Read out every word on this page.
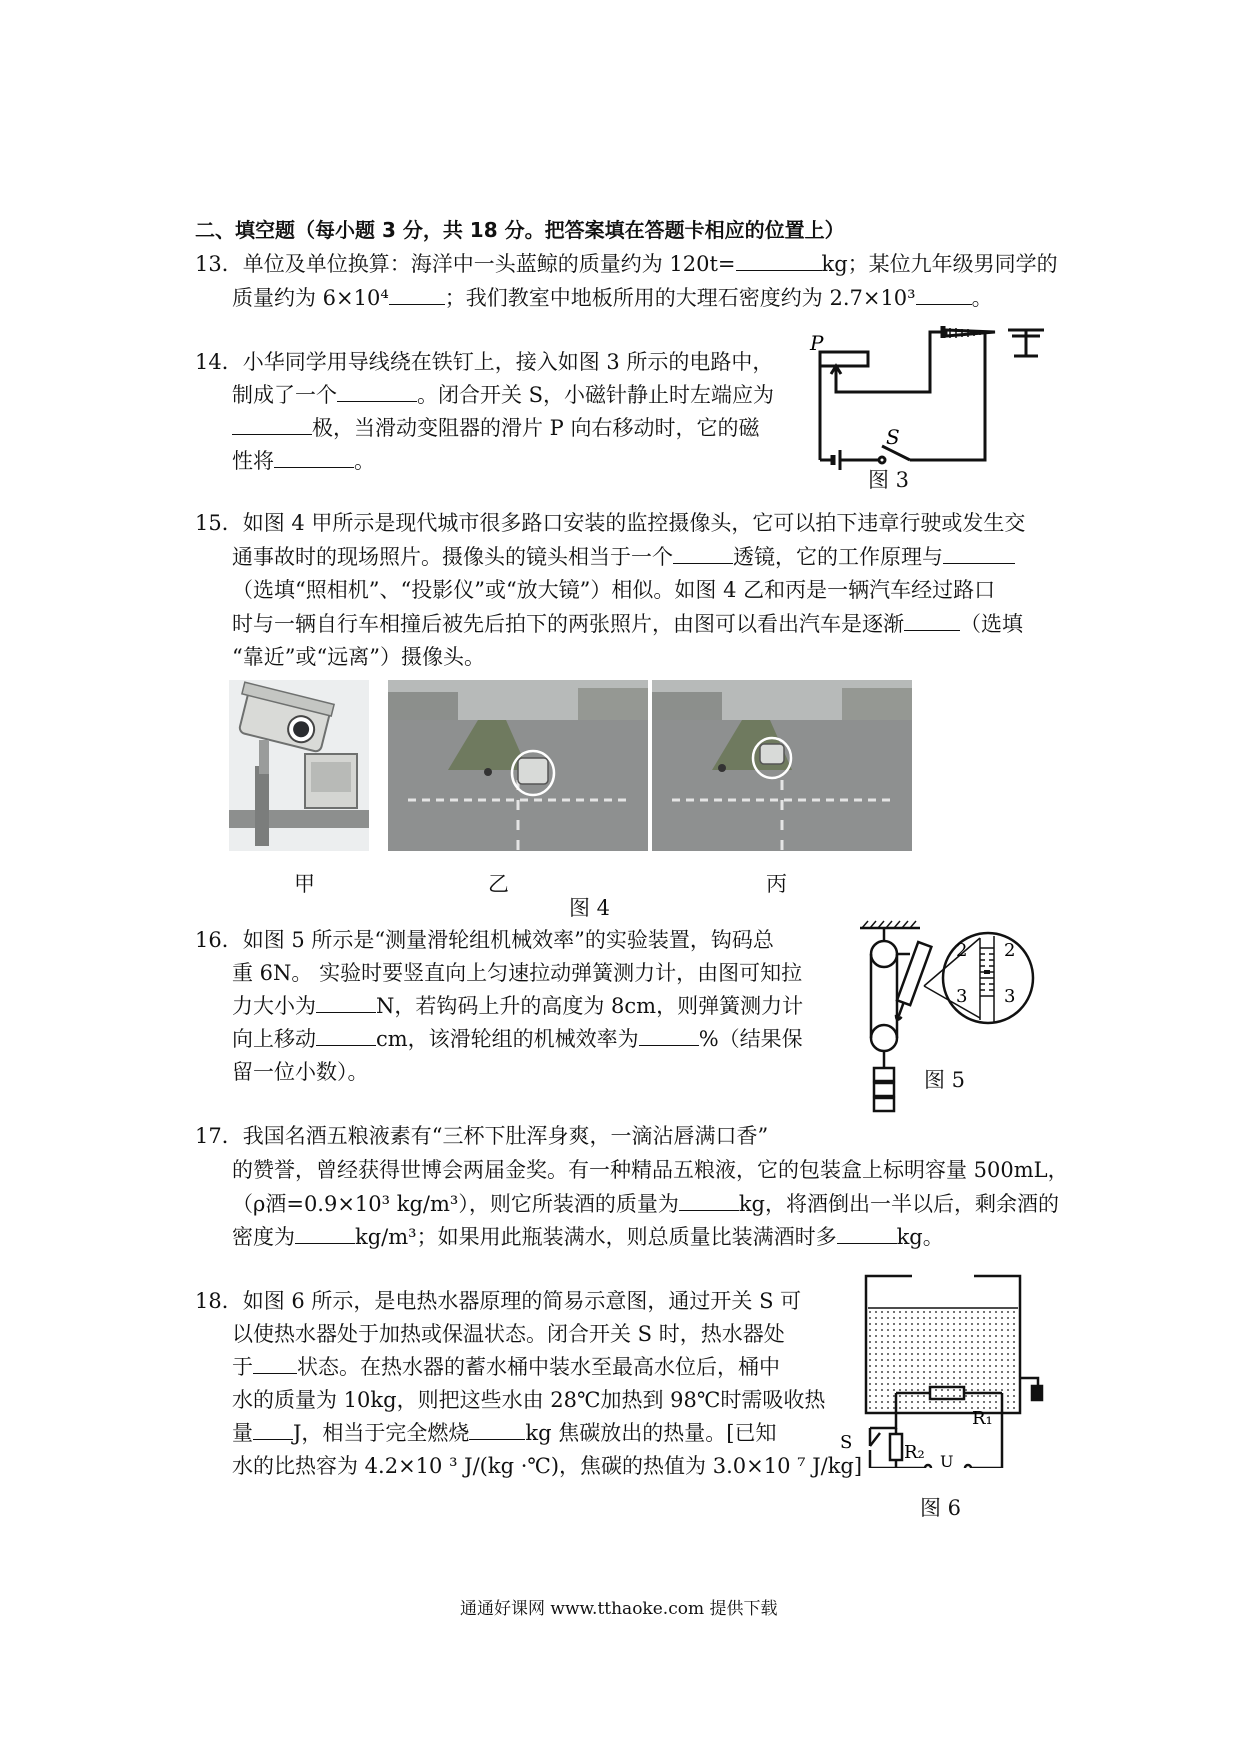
二、填空题（每小题 3 分，共 18 分。把答案填在答题卡相应的位置上）
13．单位及单位换算：海洋中一头蓝鲸的质量约为 120t=	kg；某位九年级男同学的
质量约为 6×10⁴	；我们教室中地板所用的大理石密度约为 2.7×10³	。
14．小华同学用导线绕在铁钉上，接入如图 3 所示的电路中，
制成了一个	。闭合开关 S，小磁针静止时左端应为
极，当滑动变阻器的滑片 P 向右移动时，它的磁
性将	。
P
S
图 3
15．如图 4 甲所示是现代城市很多路口安装的监控摄像头，它可以拍下违章行驶或发生交
通事故时的现场照片。摄像头的镜头相当于一个	透镜，它的工作原理与
（选填“照相机”、“投影仪”或“放大镜”）相似。如图 4 乙和丙是一辆汽车经过路口
时与一辆自行车相撞后被先后拍下的两张照片，由图可以看出汽车是逐渐	（选填
“靠近”或“远离”）摄像头。
甲	乙	丙
图 4
16．如图 5 所示是“测量滑轮组机械效率”的实验装置，钩码总
重 6N。 实验时要竖直向上匀速拉动弹簧测力计，由图可知拉
力大小为	N，若钩码上升的高度为 8cm，则弹簧测力计
向上移动	cm，该滑轮组的机械效率为	%（结果保
留一位小数）。
2 2
3 3
图 5
17．我国名酒五粮液素有“三杯下肚浑身爽，一滴沾唇满口香”
的赞誉，曾经获得世博会两届金奖。有一种精品五粮液，它的包装盒上标明容量 500mL，
（ρ酒=0.9×10³ kg/m³），则它所装酒的质量为	kg，将酒倒出一半以后，剩余酒的
密度为	kg/m³；如果用此瓶装满水，则总质量比装满酒时多	kg。
18．如图 6 所示，是电热水器原理的简易示意图，通过开关 S 可
以使热水器处于加热或保温状态。闭合开关 S 时，热水器处
于 状态。在热水器的蓄水桶中装水至最高水位后，桶中
水的质量为 10kg，则把这些水由 28℃加热到 98℃时需吸收热
量 J，相当于完全燃烧	kg 焦碳放出的热量。[已知
水的比热容为 4.2×10 ³ J/(kg ·℃)，焦碳的热值为 3.0×10 ⁷ J/kg]
R₁
R₂
S
U
图 6
通通好课网 www.tthaoke.com 提供下载
